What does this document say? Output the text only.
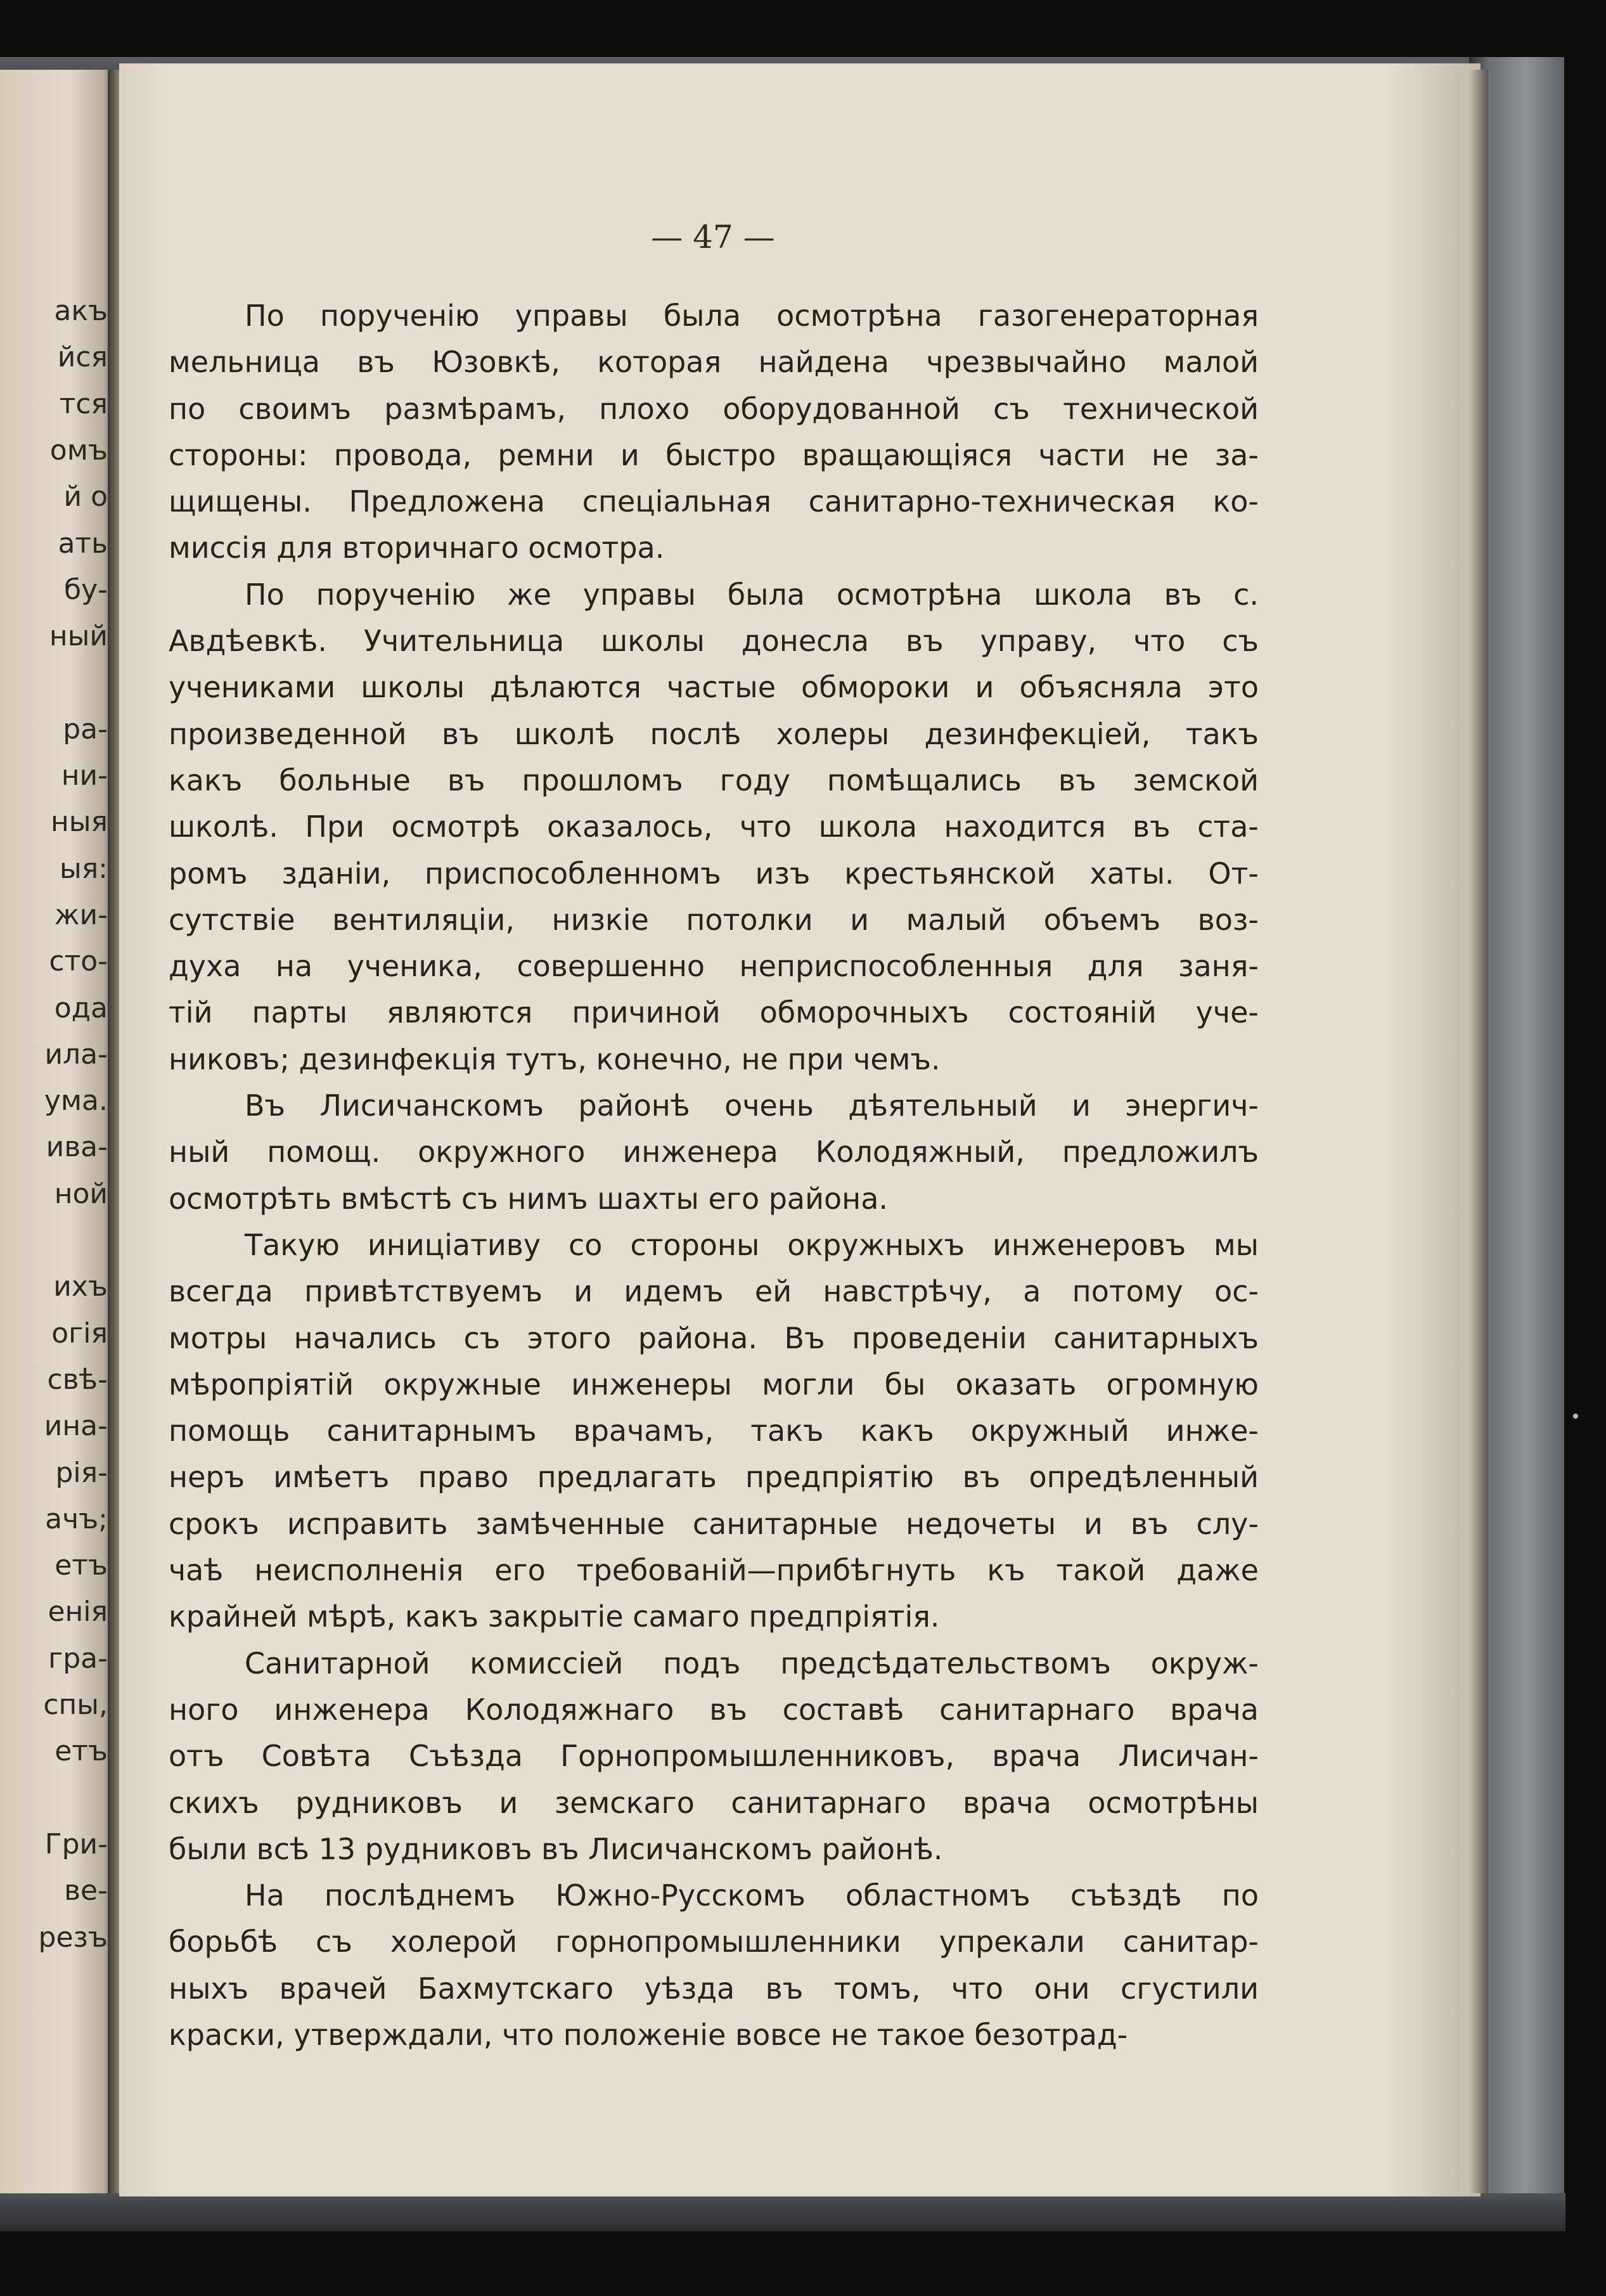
акъ
йся
тся
омъ
й о
ать
бу-
ный
ра-
ни-
ныя
ыя:
жи-
сто-
ода
ила-
ума.
ива-
ной
ихъ
огія
свѣ-
ина-
рія-
ачъ;
етъ
енія
гра-
спы,
етъ
Гри-
ве-
резъ
— 47 —
По порученію управы была осмотрѣна газогенераторная
мельница въ Юзовкѣ, которая найдена чрезвычайно малой
по своимъ размѣрамъ, плохо оборудованной съ технической
стороны: провода, ремни и быстро вращающіяся части не за-
щищены. Предложена спеціальная санитарно-техническая ко-
миссія для вторичнаго осмотра.
По порученію же управы была осмотрѣна школа въ с.
Авдѣевкѣ. Учительница школы донесла въ управу, что съ
учениками школы дѣлаются частые обмороки и объясняла это
произведенной въ школѣ послѣ холеры дезинфекціей, такъ
какъ больные въ прошломъ году помѣщались въ земской
школѣ. При осмотрѣ оказалось, что школа находится въ ста-
ромъ зданіи, приспособленномъ изъ крестьянской хаты. От-
сутствіе вентиляціи, низкіе потолки и малый объемъ воз-
духа на ученика, совершенно неприспособленныя для заня-
тій парты являются причиной обморочныхъ состояній уче-
никовъ; дезинфекція тутъ, конечно, не при чемъ.
Въ Лисичанскомъ районѣ очень дѣятельный и энергич-
ный помощ. окружного инженера Колодяжный, предложилъ
осмотрѣть вмѣстѣ съ нимъ шахты его района.
Такую иниціативу со стороны окружныхъ инженеровъ мы
всегда привѣтствуемъ и идемъ ей навстрѣчу, а потому ос-
мотры начались съ этого района. Въ проведеніи санитарныхъ
мѣропріятій окружные инженеры могли бы оказать огромную
помощь санитарнымъ врачамъ, такъ какъ окружный инже-
неръ имѣетъ право предлагать предпріятію въ опредѣленный
срокъ исправить замѣченные санитарные недочеты и въ слу-
чаѣ неисполненія его требованій—прибѣгнуть къ такой даже
крайней мѣрѣ, какъ закрытіе самаго предпріятія.
Санитарной комиссіей подъ предсѣдательствомъ окруж-
ного инженера Колодяжнаго въ составѣ санитарнаго врача
отъ Совѣта Съѣзда Горнопромышленниковъ, врача Лисичан-
скихъ рудниковъ и земскаго санитарнаго врача осмотрѣны
были всѣ 13 рудниковъ въ Лисичанскомъ районѣ.
На послѣднемъ Южно-Русскомъ областномъ съѣздѣ по
борьбѣ съ холерой горнопромышленники упрекали санитар-
ныхъ врачей Бахмутскаго уѣзда въ томъ, что они сгустили
краски, утверждали, что положеніе вовсе не такое безотрад-
